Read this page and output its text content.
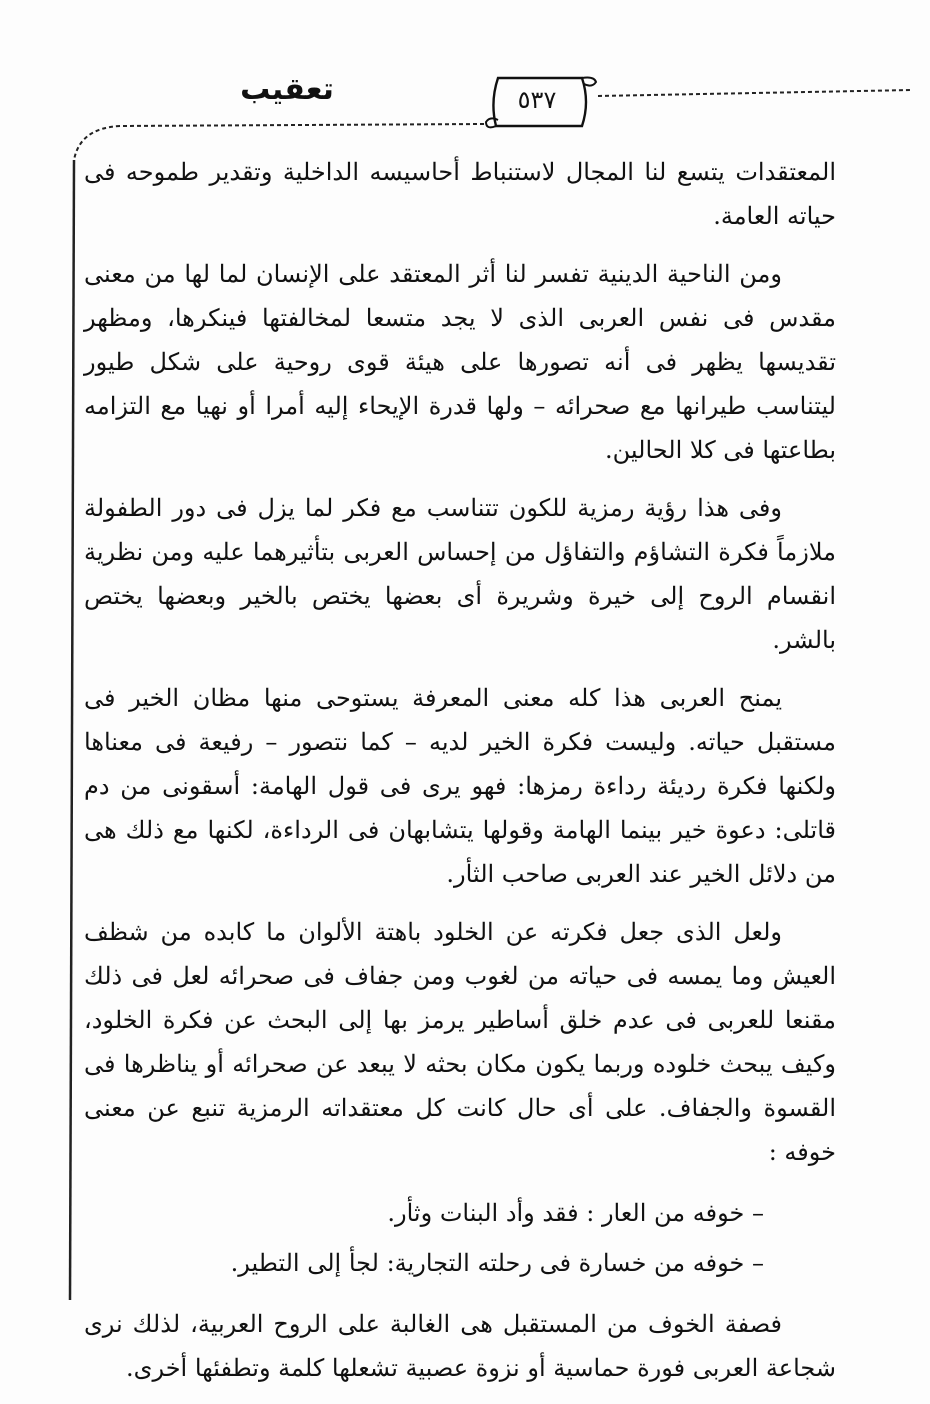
تعقيب	٥٣٧

المعتقدات يتسع لنا المجال لاستنباط أحاسيسه الداخلية وتقدير طموحه فى حياته العامة.

ومن الناحية الدينية تفسر لنا أثر المعتقد على الإنسان لما لها من معنى مقدس فى نفس العربى الذى لا يجد متسعا لمخالفتها فينكرها، ومظهر تقديسها يظهر فى أنه تصورها على هيئة قوى روحية على شكل طيور ليتناسب طيرانها مع صحرائه – ولها قدرة الإيحاء إليه أمرا أو نهيا مع التزامه بطاعتها فى كلا الحالين.

وفى هذا رؤية رمزية للكون تتناسب مع فكر لما يزل فى دور الطفولة ملازماً فكرة التشاؤم والتفاؤل من إحساس العربى بتأثيرهما عليه ومن نظرية انقسام الروح إلى خيرة وشريرة أى بعضها يختص بالخير وبعضها يختص بالشر.

يمنح العربى هذا كله معنى المعرفة يستوحى منها مظان الخير فى مستقبل حياته. وليست فكرة الخير لديه – كما نتصور – رفيعة فى معناها ولكنها فكرة رديئة رداءة رمزها: فهو يرى فى قول الهامة: أسقونى من دم قاتلى: دعوة خير بينما الهامة وقولها يتشابهان فى الرداءة، لكنها مع ذلك هى من دلائل الخير عند العربى صاحب الثأر.

ولعل الذى جعل فكرته عن الخلود باهتة الألوان ما كابده من شظف العيش وما يمسه فى حياته من لغوب ومن جفاف فى صحرائه لعل فى ذلك مقنعا للعربى فى عدم خلق أساطير يرمز بها إلى البحث عن فكرة الخلود، وكيف يبحث خلوده وربما يكون مكان بحثه لا يبعد عن صحرائه أو يناظرها فى القسوة والجفاف. على أى حال كانت كل معتقداته الرمزية تنبع عن معنى خوفه :

– خوفه من العار : فقد وأد البنات وثأر.
– خوفه من خسارة فى رحلته التجارية: لجأ إلى التطير.

فصفة الخوف من المستقبل هى الغالبة على الروح العربية، لذلك نرى شجاعة العربى فورة حماسية أو نزوة عصبية تشعلها كلمة وتطفئها أخرى.
